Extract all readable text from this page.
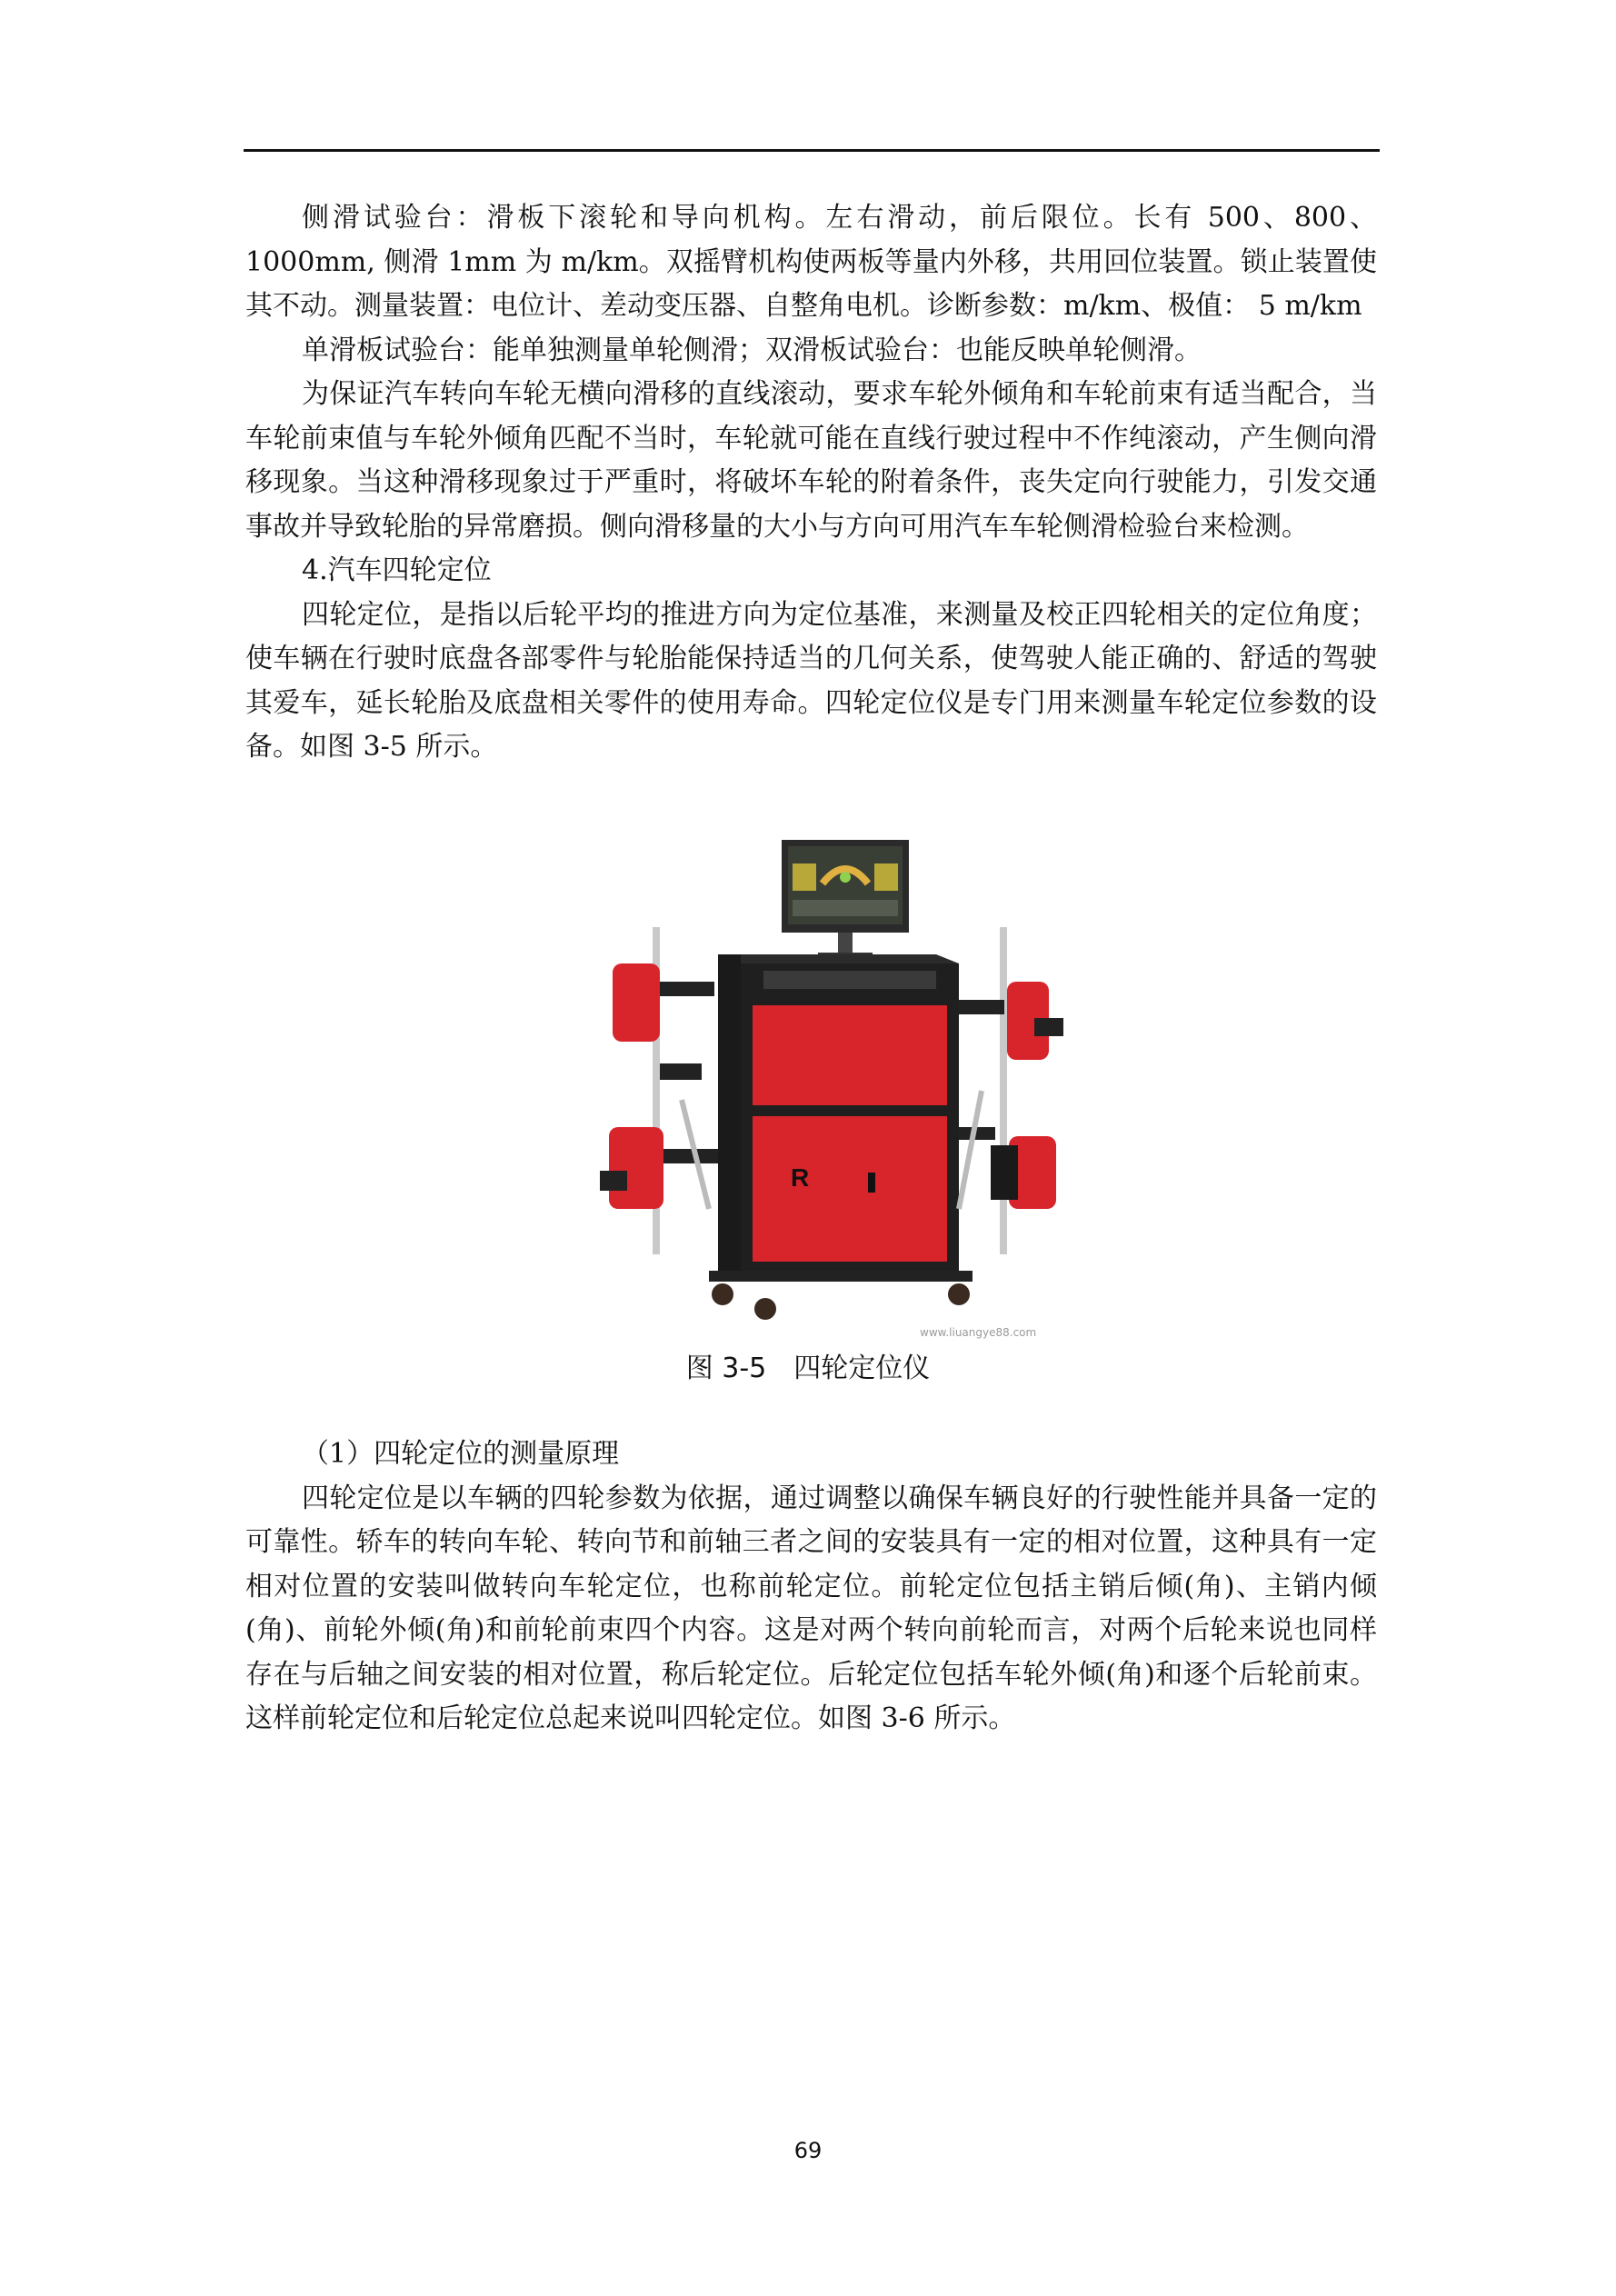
侧滑试验台：滑板下滚轮和导向机构。左右滑动，前后限位。长有 500、800、1000mm, 侧滑 1mm 为 m/km。双摇臂机构使两板等量内外移，共用回位装置。锁止装置使其不动。测量装置：电位计、差动变压器、自整角电机。诊断参数：m/km、极值： 5 m/km

单滑板试验台：能单独测量单轮侧滑；双滑板试验台：也能反映单轮侧滑。

为保证汽车转向车轮无横向滑移的直线滚动，要求车轮外倾角和车轮前束有适当配合，当车轮前束值与车轮外倾角匹配不当时，车轮就可能在直线行驶过程中不作纯滚动，产生侧向滑移现象。当这种滑移现象过于严重时，将破坏车轮的附着条件，丧失定向行驶能力，引发交通事故并导致轮胎的异常磨损。侧向滑移量的大小与方向可用汽车车轮侧滑检验台来检测。

4.汽车四轮定位

四轮定位，是指以后轮平均的推进方向为定位基准，来测量及校正四轮相关的定位角度；使车辆在行驶时底盘各部零件与轮胎能保持适当的几何关系，使驾驶人能正确的、舒适的驾驶其爱车，延长轮胎及底盘相关零件的使用寿命。四轮定位仪是专门用来测量车轮定位参数的设备。如图 3-5 所示。

R
www.liuangye88.com
图 3-5　四轮定位仪

（1）四轮定位的测量原理

四轮定位是以车辆的四轮参数为依据，通过调整以确保车辆良好的行驶性能并具备一定的可靠性。轿车的转向车轮、转向节和前轴三者之间的安装具有一定的相对位置，这种具有一定相对位置的安装叫做转向车轮定位，也称前轮定位。前轮定位包括主销后倾(角)、主销内倾(角)、前轮外倾(角)和前轮前束四个内容。这是对两个转向前轮而言，对两个后轮来说也同样存在与后轴之间安装的相对位置，称后轮定位。后轮定位包括车轮外倾(角)和逐个后轮前束。这样前轮定位和后轮定位总起来说叫四轮定位。如图 3-6 所示。

69
